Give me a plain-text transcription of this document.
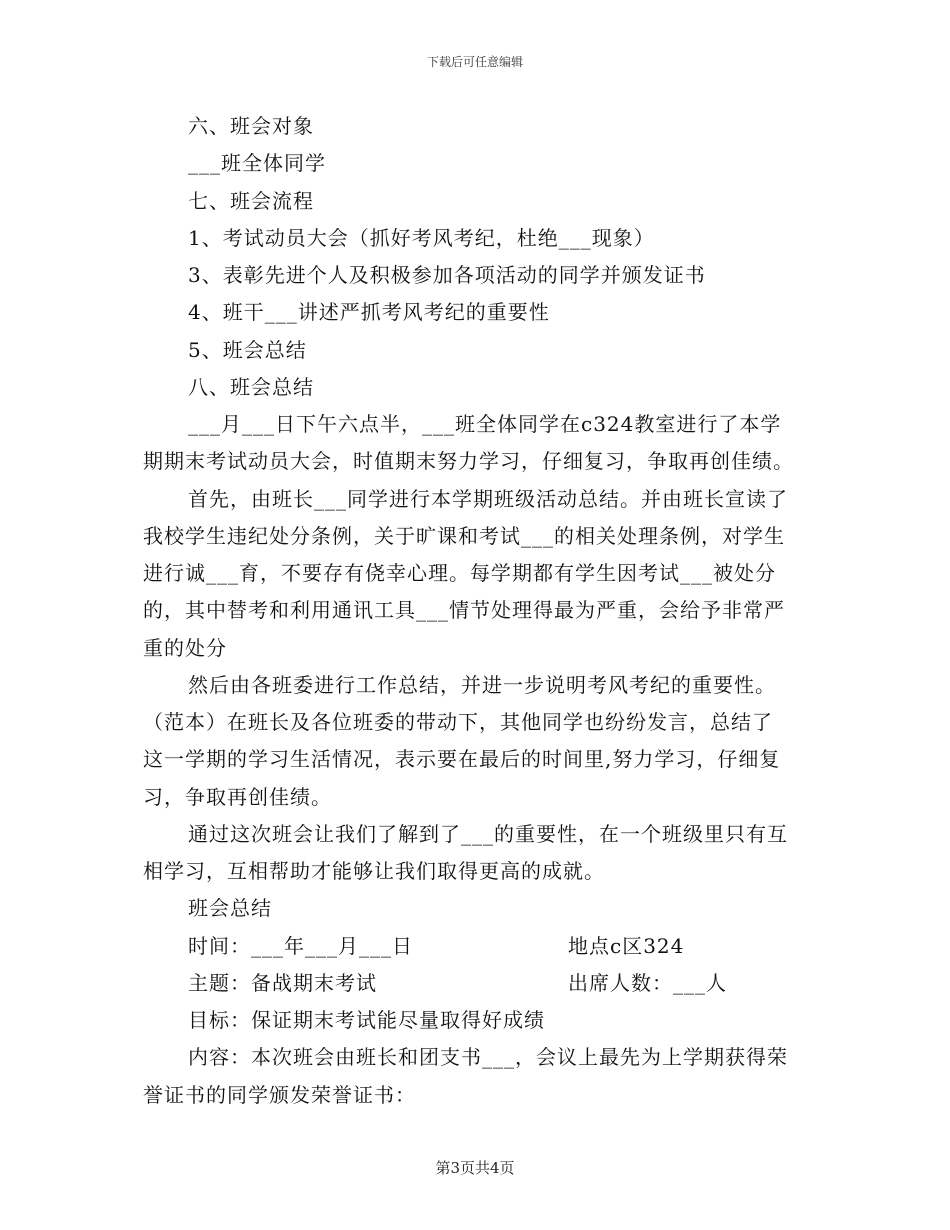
下载后可任意编辑
六、班会对象
___班全体同学
七、班会流程
1、考试动员大会（抓好考风考纪，杜绝___现象）
3、表彰先进个人及积极参加各项活动的同学并颁发证书
4、班干___讲述严抓考风考纪的重要性
5、班会总结
八、班会总结
___月___日下午六点半，___班全体同学在c324教室进行了本学
期期末考试动员大会，时值期末努力学习，仔细复习，争取再创佳绩。
首先，由班长___同学进行本学期班级活动总结。并由班长宣读了
我校学生违纪处分条例，关于旷课和考试___的相关处理条例，对学生
进行诚___育，不要存有侥幸心理。每学期都有学生因考试___被处分
的，其中替考和利用通讯工具___情节处理得最为严重，会给予非常严
重的处分
然后由各班委进行工作总结，并进一步说明考风考纪的重要性。
（范本）在班长及各位班委的带动下，其他同学也纷纷发言，总结了
这一学期的学习生活情况，表示要在最后的时间里,努力学习，仔细复
习，争取再创佳绩。
通过这次班会让我们了解到了___的重要性，在一个班级里只有互
相学习，互相帮助才能够让我们取得更高的成就。
班会总结
时间：___年___月___日	地点c区324
主题：备战期末考试	出席人数：___人
目标：保证期末考试能尽量取得好成绩
内容：本次班会由班长和团支书___，会议上最先为上学期获得荣
誉证书的同学颁发荣誉证书：
第3页共4页
